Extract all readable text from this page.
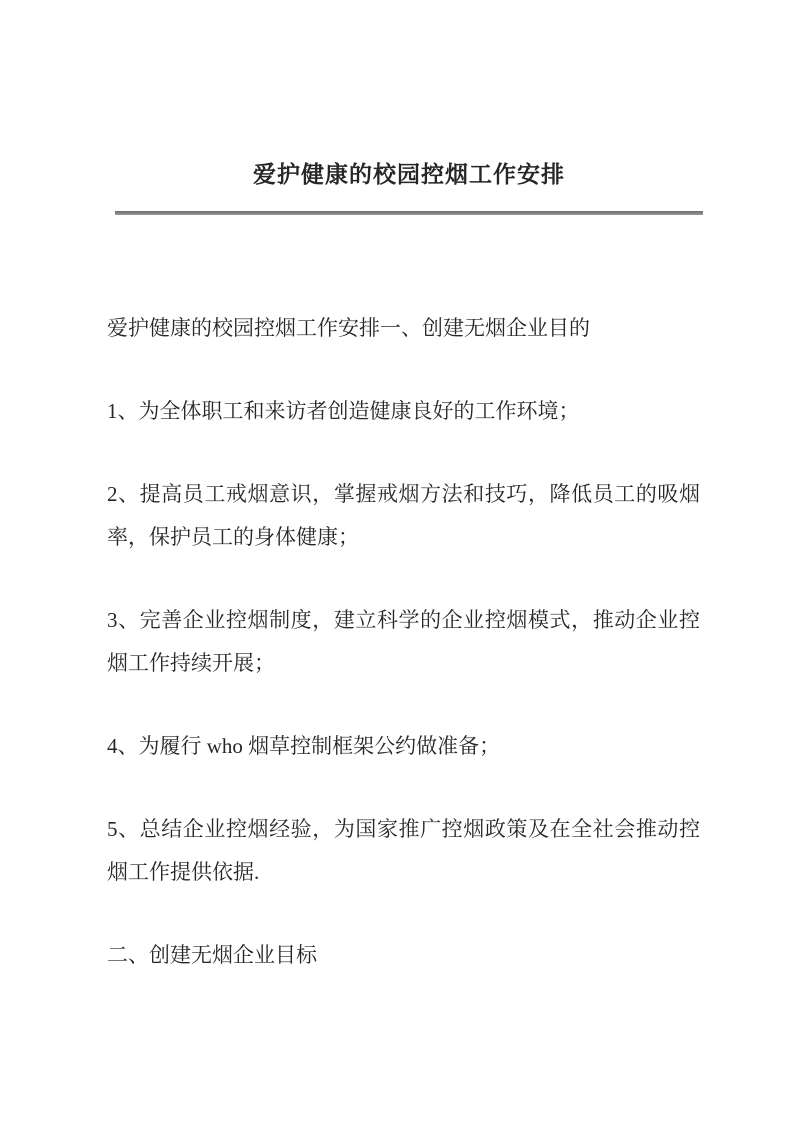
爱护健康的校园控烟工作安排

爱护健康的校园控烟工作安排一、创建无烟企业目的

1、为全体职工和来访者创造健康良好的工作环境；

2、提高员工戒烟意识，掌握戒烟方法和技巧，降低员工的吸烟率，保护员工的身体健康；

3、完善企业控烟制度，建立科学的企业控烟模式，推动企业控烟工作持续开展；

4、为履行 who 烟草控制框架公约做准备；

5、总结企业控烟经验，为国家推广控烟政策及在全社会推动控烟工作提供依据.

二、创建无烟企业目标
